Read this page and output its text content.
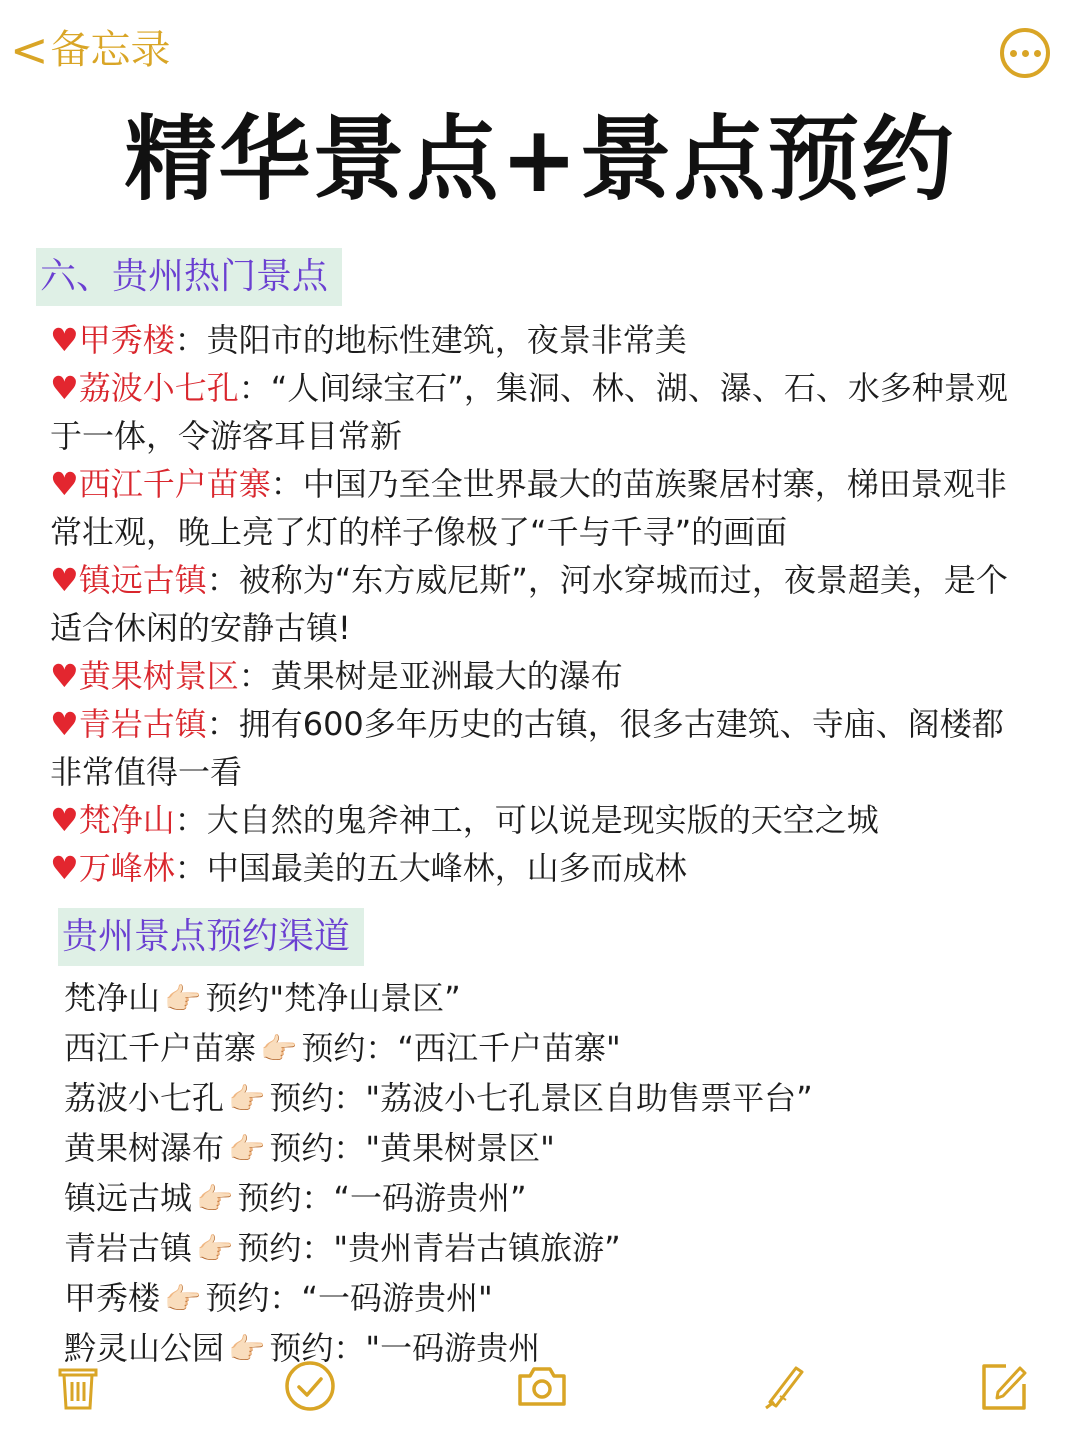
< 备忘录
精华景点+景点预约
六、贵州热门景点
♥甲秀楼：贵阳市的地标性建筑，夜景非常美
♥荔波小七孔：“人间绿宝石”，集洞、林、湖、瀑、石、水多种景观于一体，令游客耳目常新
♥西江千户苗寨：中国乃至全世界最大的苗族聚居村寨，梯田景观非常壮观，晚上亮了灯的样子像极了“千与千寻”的画面
♥镇远古镇：被称为“东方威尼斯”，河水穿城而过，夜景超美，是个适合休闲的安静古镇!
♥黄果树景区：黄果树是亚洲最大的瀑布
♥青岩古镇：拥有600多年历史的古镇，很多古建筑、寺庙、阁楼都非常值得一看
♥梵净山：大自然的鬼斧神工，可以说是现实版的天空之城
♥万峰林：中国最美的五大峰林，山多而成林
贵州景点预约渠道
梵净山 👉🏻 预约"梵净山景区”
西江千户苗寨 👉🏻 预约：“西江千户苗寨"
荔波小七孔 👉🏻 预约："荔波小七孔景区自助售票平台”
黄果树瀑布 👉🏻 预约："黄果树景区"
镇远古城 👉🏻 预约：“一码游贵州”
青岩古镇 👉🏻 预约："贵州青岩古镇旅游”
甲秀楼 👉🏻 预约：“一码游贵州"
黔灵山公园 👉🏻 预约："一码游贵州
